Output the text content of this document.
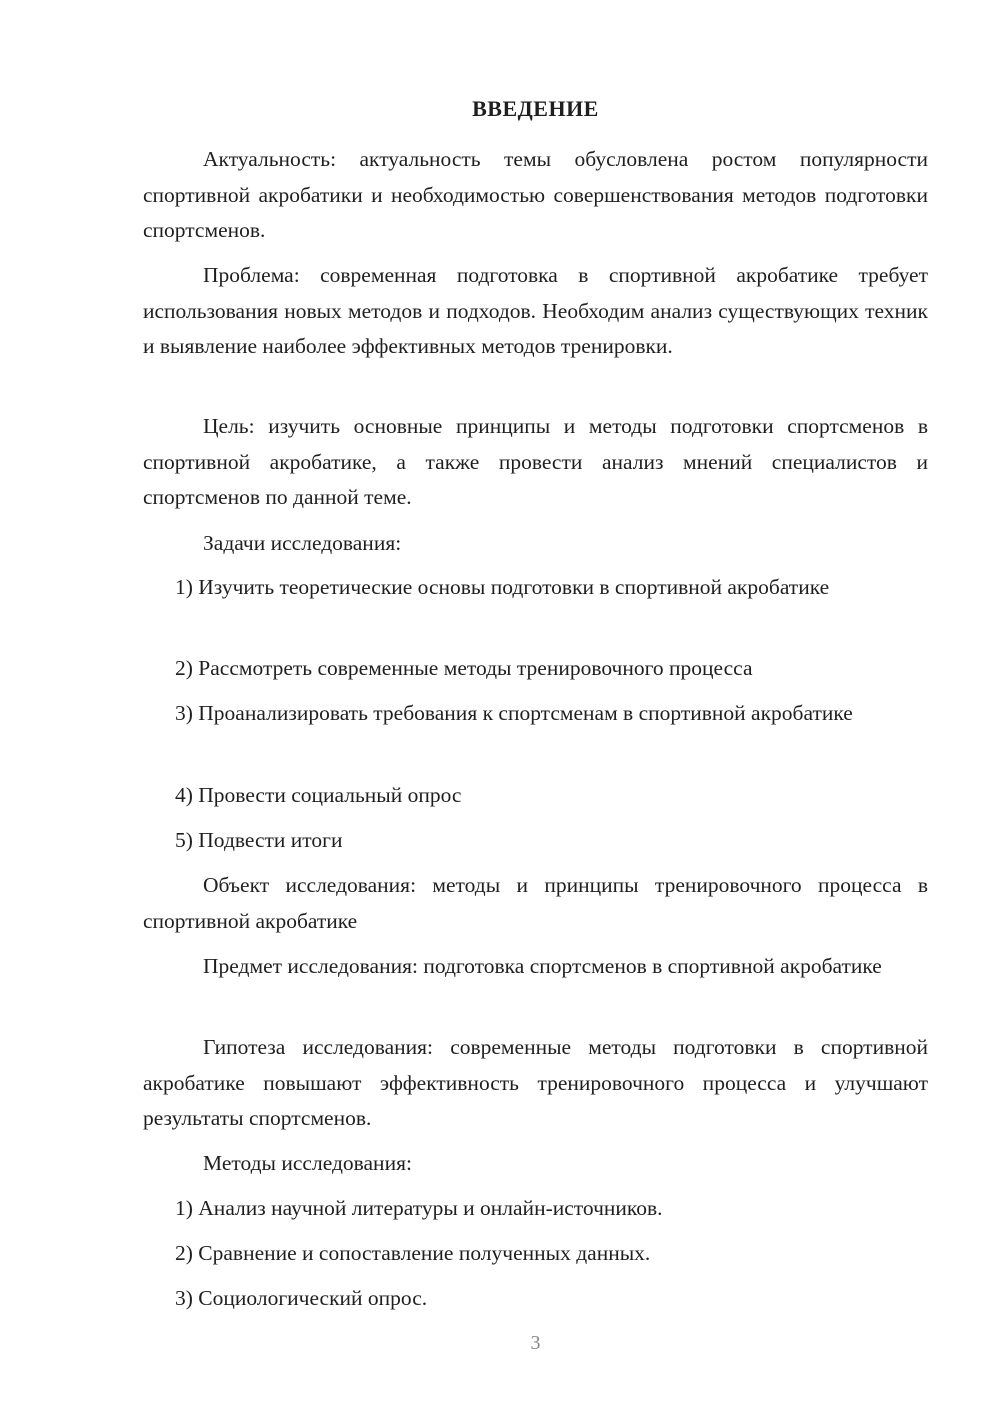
ВВЕДЕНИЕ

Актуальность: актуальность темы обусловлена ростом популярности спортивной акробатики и необходимостью совершенствования методов подготовки спортсменов.

Проблема: современная подготовка в спортивной акробатике требует использования новых методов и подходов. Необходим анализ существующих техник и выявление наиболее эффективных методов тренировки.

Цель: изучить основные принципы и методы подготовки спортсменов в спортивной акробатике, а также провести анализ мнений специалистов и спортсменов по данной теме.

Задачи исследования:

1) Изучить теоретические основы подготовки в спортивной акробатике

2) Рассмотреть современные методы тренировочного процесса

3) Проанализировать требования к спортсменам в спортивной акробатике

4) Провести социальный опрос

5) Подвести итоги

Объект исследования: методы и принципы тренировочного процесса в спортивной акробатике

Предмет исследования: подготовка спортсменов в спортивной акробатике

Гипотеза исследования: современные методы подготовки в спортивной акробатике повышают эффективность тренировочного процесса и улучшают результаты спортсменов.

Методы исследования:

1) Анализ научной литературы и онлайн-источников.

2) Сравнение и сопоставление полученных данных.

3) Социологический опрос.

3
